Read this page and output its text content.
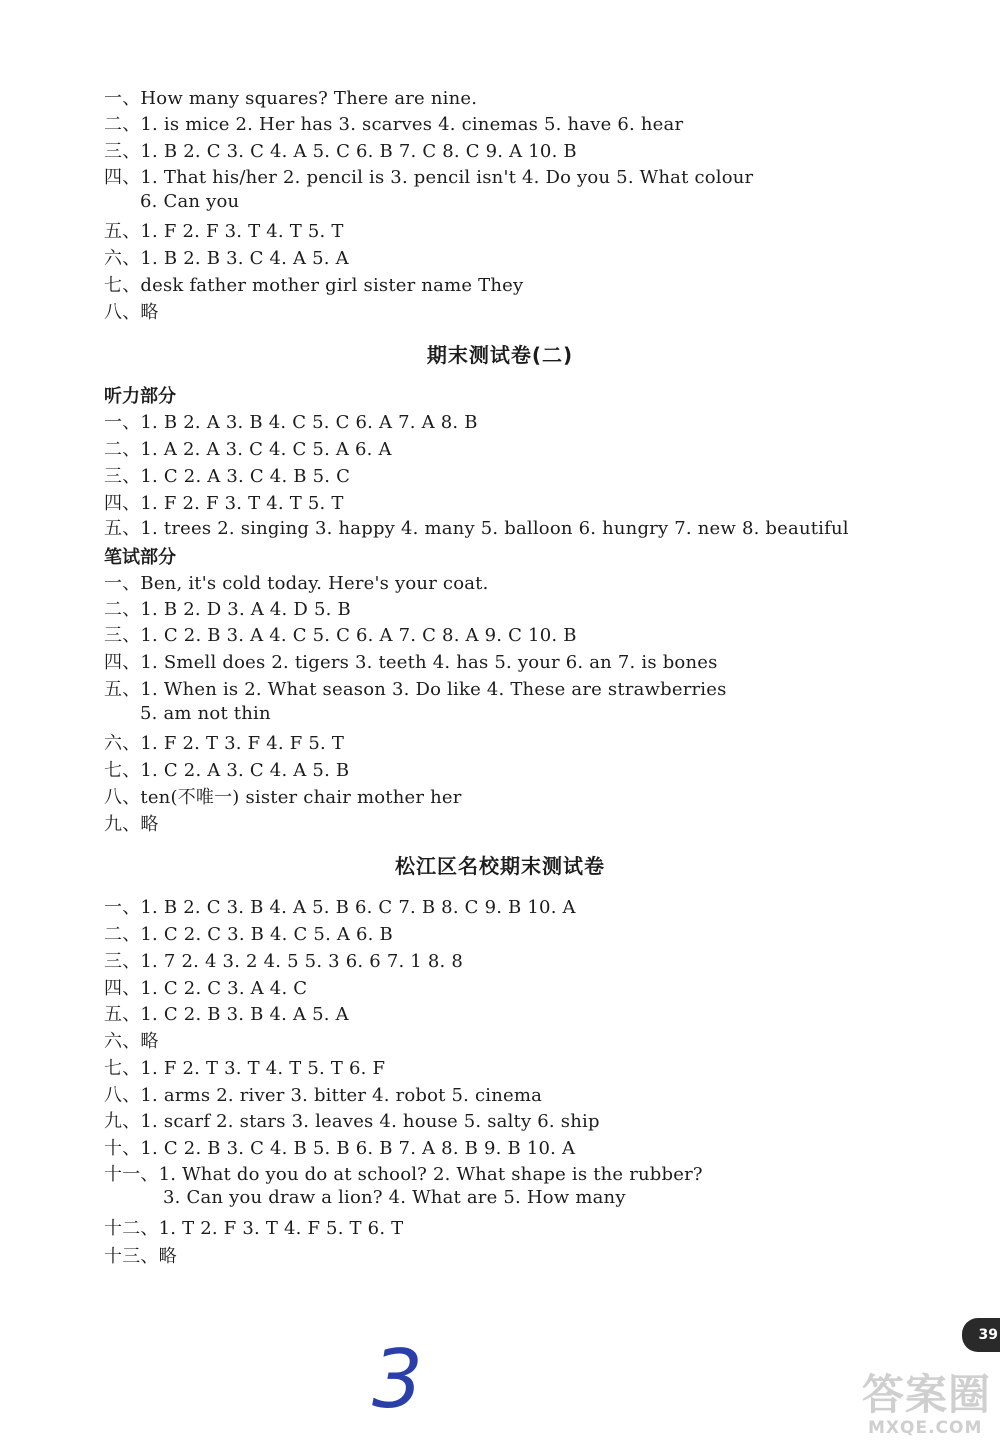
一、How many squares? There are nine.
二、1. is mice 2. Her has 3. scarves 4. cinemas 5. have 6. hear
三、1. B 2. C 3. C 4. A 5. C 6. B 7. C 8. C 9. A 10. B
四、1. That his/her 2. pencil is 3. pencil isn't 4. Do you 5. What colour
6. Can you
五、1. F 2. F 3. T 4. T 5. T
六、1. B 2. B 3. C 4. A 5. A
七、desk father mother girl sister name They
八、略
期末测试卷(二)
听力部分
一、1. B 2. A 3. B 4. C 5. C 6. A 7. A 8. B
二、1. A 2. A 3. C 4. C 5. A 6. A
三、1. C 2. A 3. C 4. B 5. C
四、1. F 2. F 3. T 4. T 5. T
五、1. trees 2. singing 3. happy 4. many 5. balloon 6. hungry 7. new 8. beautiful
笔试部分
一、Ben, it's cold today. Here's your coat.
二、1. B 2. D 3. A 4. D 5. B
三、1. C 2. B 3. A 4. C 5. C 6. A 7. C 8. A 9. C 10. B
四、1. Smell does 2. tigers 3. teeth 4. has 5. your 6. an 7. is bones
五、1. When is 2. What season 3. Do like 4. These are strawberries
5. am not thin
六、1. F 2. T 3. F 4. F 5. T
七、1. C 2. A 3. C 4. A 5. B
八、ten(不唯一) sister chair mother her
九、略
松江区名校期末测试卷
一、1. B 2. C 3. B 4. A 5. B 6. C 7. B 8. C 9. B 10. A
二、1. C 2. C 3. B 4. C 5. A 6. B
三、1. 7 2. 4 3. 2 4. 5 5. 3 6. 6 7. 1 8. 8
四、1. C 2. C 3. A 4. C
五、1. C 2. B 3. B 4. A 5. A
六、略
七、1. F 2. T 3. T 4. T 5. T 6. F
八、1. arms 2. river 3. bitter 4. robot 5. cinema
九、1. scarf 2. stars 3. leaves 4. house 5. salty 6. ship
十、1. C 2. B 3. C 4. B 5. B 6. B 7. A 8. B 9. B 10. A
十一、1. What do you do at school? 2. What shape is the rubber?
3. Can you draw a lion? 4. What are 5. How many
十二、1. T 2. F 3. T 4. F 5. T 6. T
十三、略
3	39
答案圈
MXQE.COM
